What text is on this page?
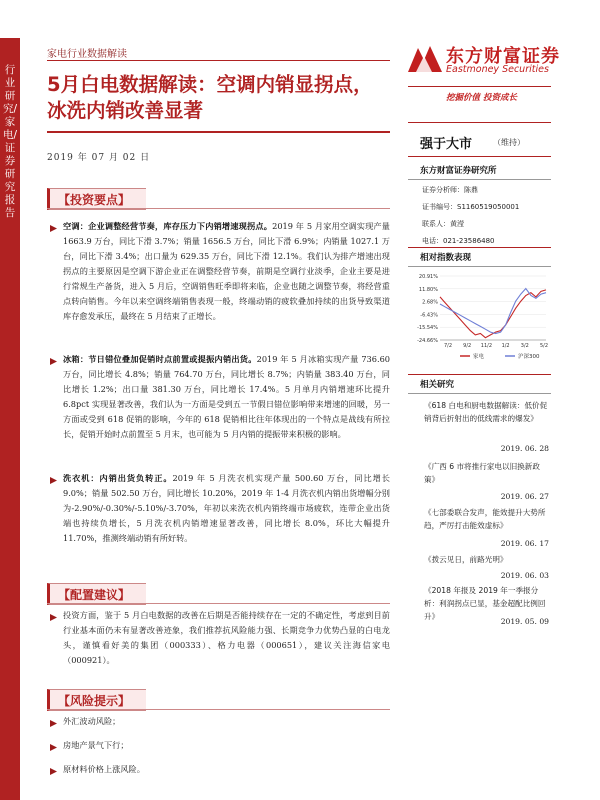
行业研究/家电/证券研究报告
家电行业数据解读
5月白电数据解读：空调内销显拐点，冰洗内销改善显著
2019 年 07 月 02 日
东方财富证券
Eastmoney Securities
挖掘价值 投资成长
强于大市	（维持）
东方财富证券研究所
证券分析师：陈鼎
证书编号：S1160519050001
联系人：黄滢
电话：021-23586480
相对指数表现
20.91%
11.80%
2.68%
-6.43%
-15.54%
-24.66%
7/2 9/2 11/2 1/2 3/2 5/2
家电	沪深300
相关研究
《618 白电和厨电数据解读：低价促销背后折射出的低线需求的爆发》
2019. 06. 28
《广西 6 市将推行家电以旧换新政策》
2019. 06. 27
《七部委联合发声，能效提升大势所趋，严厉打击能效虚标》
2019. 06. 17
《拨云见日，前路光明》
2019. 06. 03
《2018 年报及 2019 年一季报分析：利润拐点已显，基金超配比例回升》
2019. 05. 09
【投资要点】
空调：企业调整经营节奏，库存压力下内销增速现拐点。2019 年 5 月家用空调实现产量 1663.9 万台，同比下滑 3.7%；销量 1656.5 万台，同比下滑 6.9%；内销量 1027.1 万台，同比下滑 3.4%；出口量为 629.35 万台，同比下滑 12.1%。我们认为排产增速出现拐点的主要原因是空调下游企业正在调整经营节奏，前期是空调行业淡季，企业主要是进行常规生产备货，进入 5 月后，空调销售旺季即将来临，企业也随之调整节奏，将经营重点转向销售。今年以来空调终端销售表现一般，终端动销的疲软叠加持续的出货导致渠道库存愈发承压，最终在 5 月结束了正增长。
冰箱：节日错位叠加促销时点前置或提振内销出货。2019 年 5 月冰箱实现产量 736.60 万台，同比增长 4.8%；销量 764.70 万台，同比增长 8.7%；内销量 383.40 万台，同比增长 1.2%；出口量 381.30 万台，同比增长 17.4%。5 月单月内销增速环比提升 6.8pct 实现显著改善，我们认为一方面是受到五一节假日错位影响带来增速的回暖，另一方面或受到 618 促销的影响，今年的 618 促销相比往年体现出的一个特点是战线有所拉长，促销开始时点前置至 5 月末，也可能为 5 月内销的提振带来积极的影响。
洗衣机：内销出货负转正。2019 年 5 月洗衣机实现产量 500.60 万台，同比增长 9.0%；销量 502.50 万台，同比增长 10.20%，2019 年 1-4 月洗衣机内销出货增幅分别为-2.90%/-0.30%/-5.10%/-3.70%，年初以来洗衣机内销终端市场疲软，连带企业出货端也持续负增长，5 月洗衣机内销增速显著改善，同比增长 8.0%，环比大幅提升 11.70%，推测终端动销有所好转。
【配置建议】
投资方面，鉴于 5 月白电数据的改善在后期是否能持续存在一定的不确定性，考虑到目前行业基本面仍未有显著改善迹象，我们推荐抗风险能力强、长期竞争力优势凸显的白电龙头，谨慎看好美的集团（000333）、格力电器（000651），建议关注海信家电（000921）。
【风险提示】
外汇波动风险；
房地产景气下行；
原材料价格上涨风险。
